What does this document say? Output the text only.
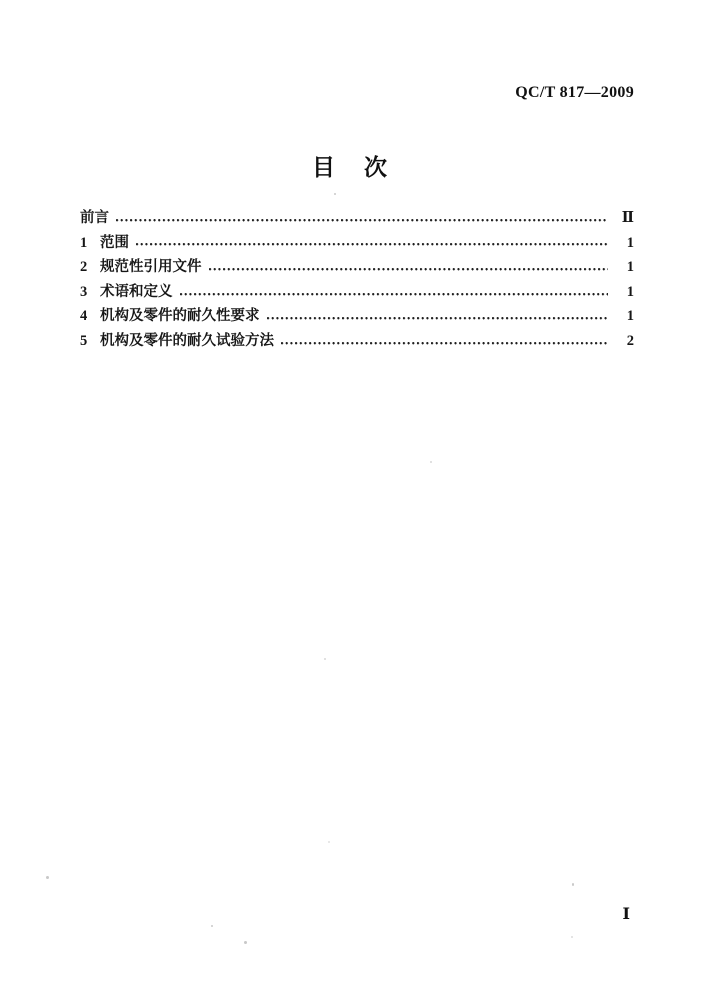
QC/T 817—2009
目　次
前言	Ⅱ
1 范围	1
2 规范性引用文件	1
3 术语和定义	1
4 机构及零件的耐久性要求	1
5 机构及零件的耐久试验方法	2
Ⅰ
